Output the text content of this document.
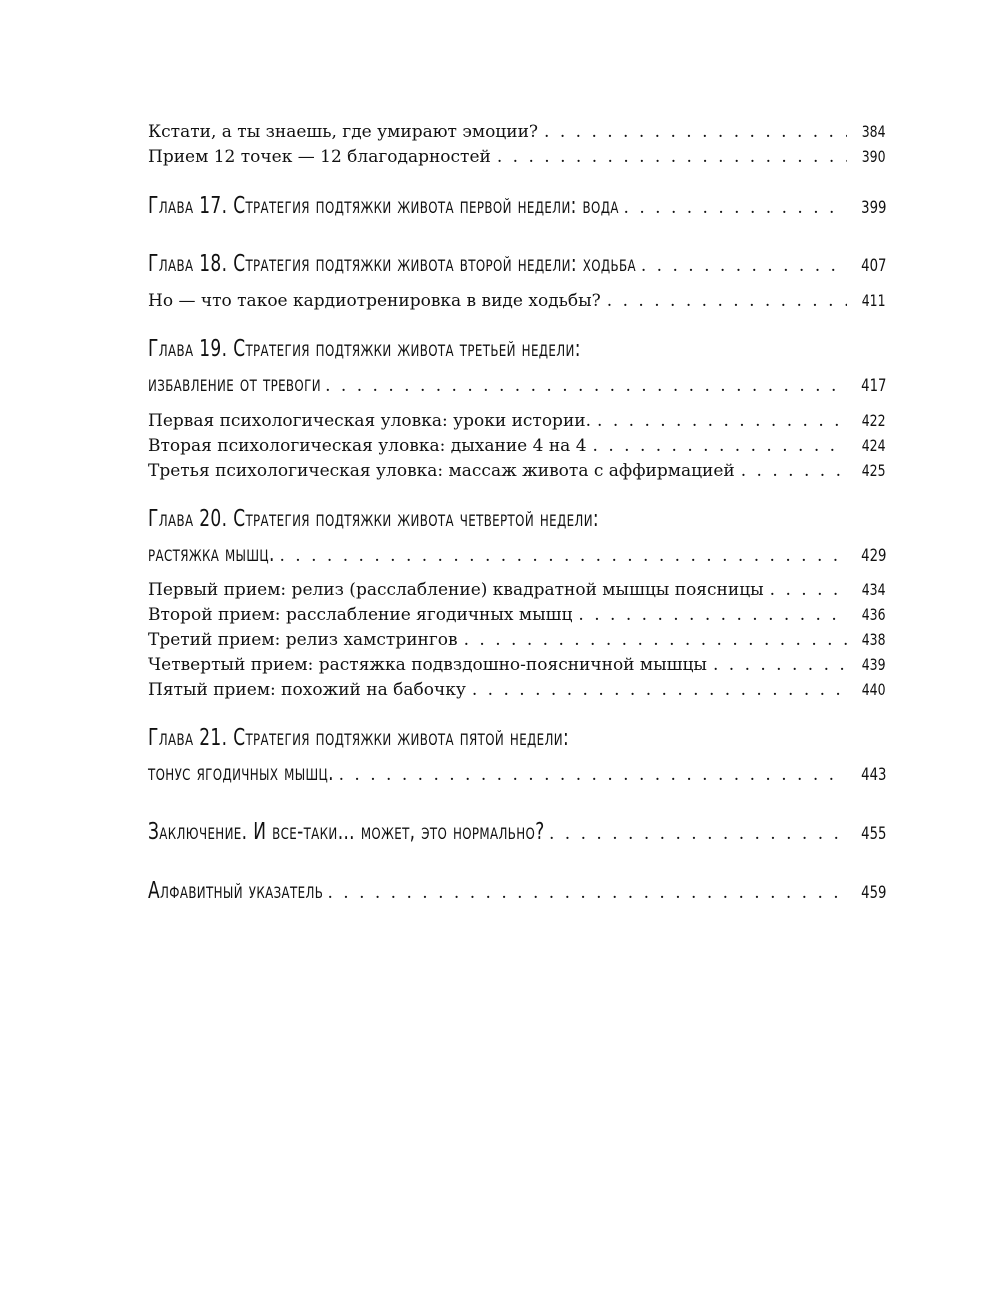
Кстати, а ты знаешь, где умирают эмоции? . . .	384
Прием 12 точек — 12 благодарностей . . .	390
Глава 17. Стратегия подтяжки живота первой недели: вода . . .	399
Глава 18. Стратегия подтяжки живота второй недели: ходьба . . .	407
Но — что такое кардиотренировка в виде ходьбы? . . .	411
Глава 19. Стратегия подтяжки живота третьей недели:
избавление от тревоги . . .	417
Первая психологическая уловка: уроки истории. . . .	422
Вторая психологическая уловка: дыхание 4 на 4 . . .	424
Третья психологическая уловка: массаж живота с аффирмацией . . .	425
Глава 20. Стратегия подтяжки живота четвертой недели:
растяжка мышц. . . .	429
Первый прием: релиз (расслабление) квадратной мышцы поясницы . . .	434
Второй прием: расслабление ягодичных мышц . . .	436
Третий прием: релиз хамстрингов . . .	438
Четвертый прием: растяжка подвздошно-поясничной мышцы . . .	439
Пятый прием: похожий на бабочку . . .	440
Глава 21. Стратегия подтяжки живота пятой недели:
тонус ягодичных мышц. . . .	443
Заключение. И все-таки… может, это нормально? . . .	455
Алфавитный указатель . . .	459
